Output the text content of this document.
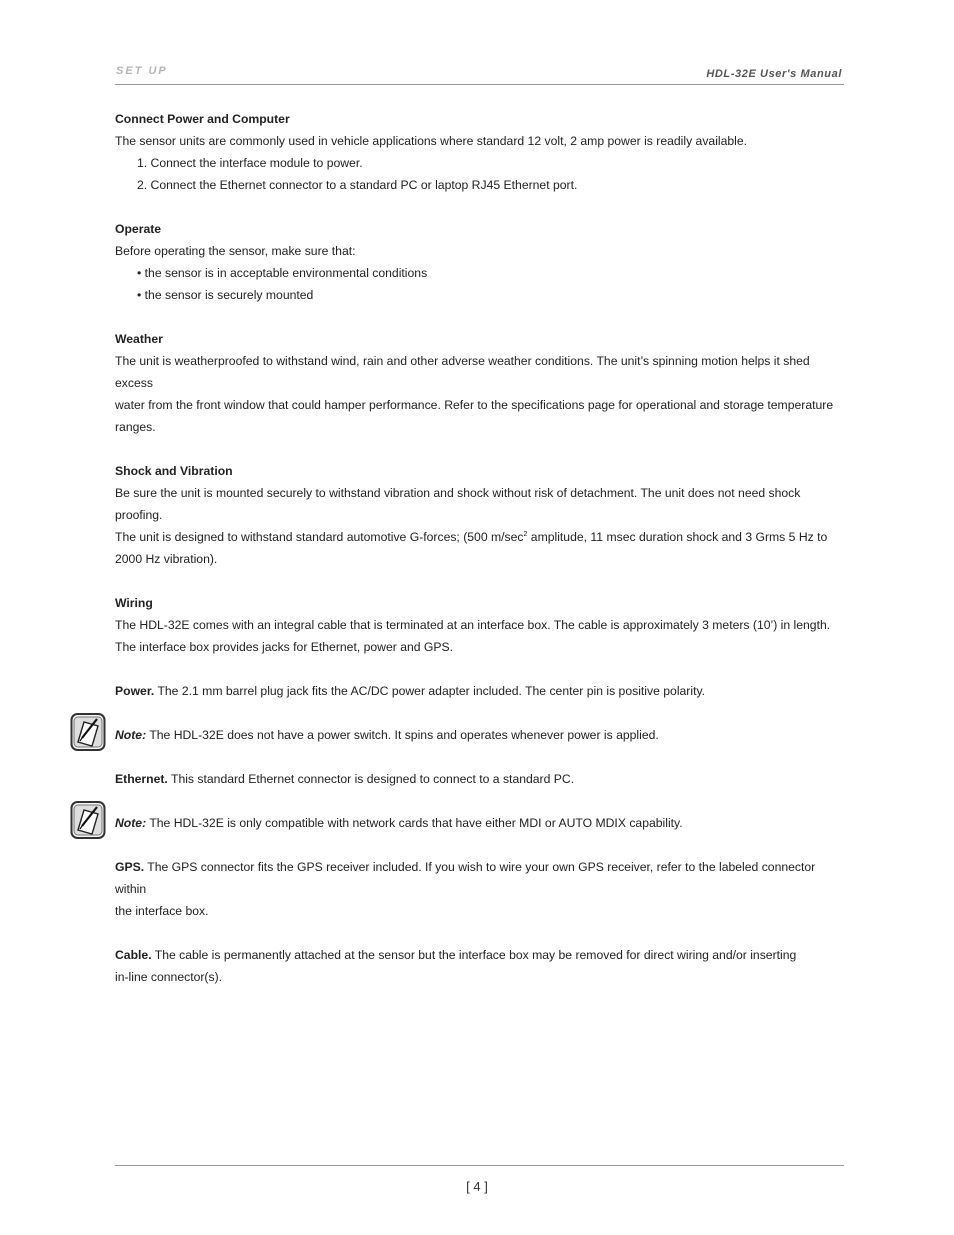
SET UP	HDL-32E User's Manual
Connect Power and Computer
The sensor units are commonly used in vehicle applications where standard 12 volt, 2 amp power is readily available.
1. Connect the interface module to power.
2. Connect the Ethernet connector to a standard PC or laptop RJ45 Ethernet port.
Operate
Before operating the sensor, make sure that:
• the sensor is in acceptable environmental conditions
• the sensor is securely mounted
Weather
The unit is weatherproofed to withstand wind, rain and other adverse weather conditions. The unit’s spinning motion helps it shed excess
water from the front window that could hamper performance. Refer to the specifications page for operational and storage temperature ranges.
Shock and Vibration
Be sure the unit is mounted securely to withstand vibration and shock without risk of detachment. The unit does not need shock proofing.
The unit is designed to withstand standard automotive G-forces; (500 $m/\sec^2$ amplitude, 11 msec duration shock and 3 Grms 5 Hz to
2000 Hz vibration).
Wiring
The HDL-32E comes with an integral cable that is terminated at an interface box. The cable is approximately 3 meters (10’) in length.
The interface box provides jacks for Ethernet, power and GPS.
Power. The 2.1 mm barrel plug jack fits the AC/DC power adapter included. The center pin is positive polarity.
Note: The HDL-32E does not have a power switch. It spins and operates whenever power is applied.
Ethernet. This standard Ethernet connector is designed to connect to a standard PC.
Note: The HDL-32E is only compatible with network cards that have either MDI or AUTO MDIX capability.
GPS. The GPS connector fits the GPS receiver included. If you wish to wire your own GPS receiver, refer to the labeled connector within
the interface box.
Cable. The cable is permanently attached at the sensor but the interface box may be removed for direct wiring and/or inserting
in-line connector(s).
[ 4 ]
